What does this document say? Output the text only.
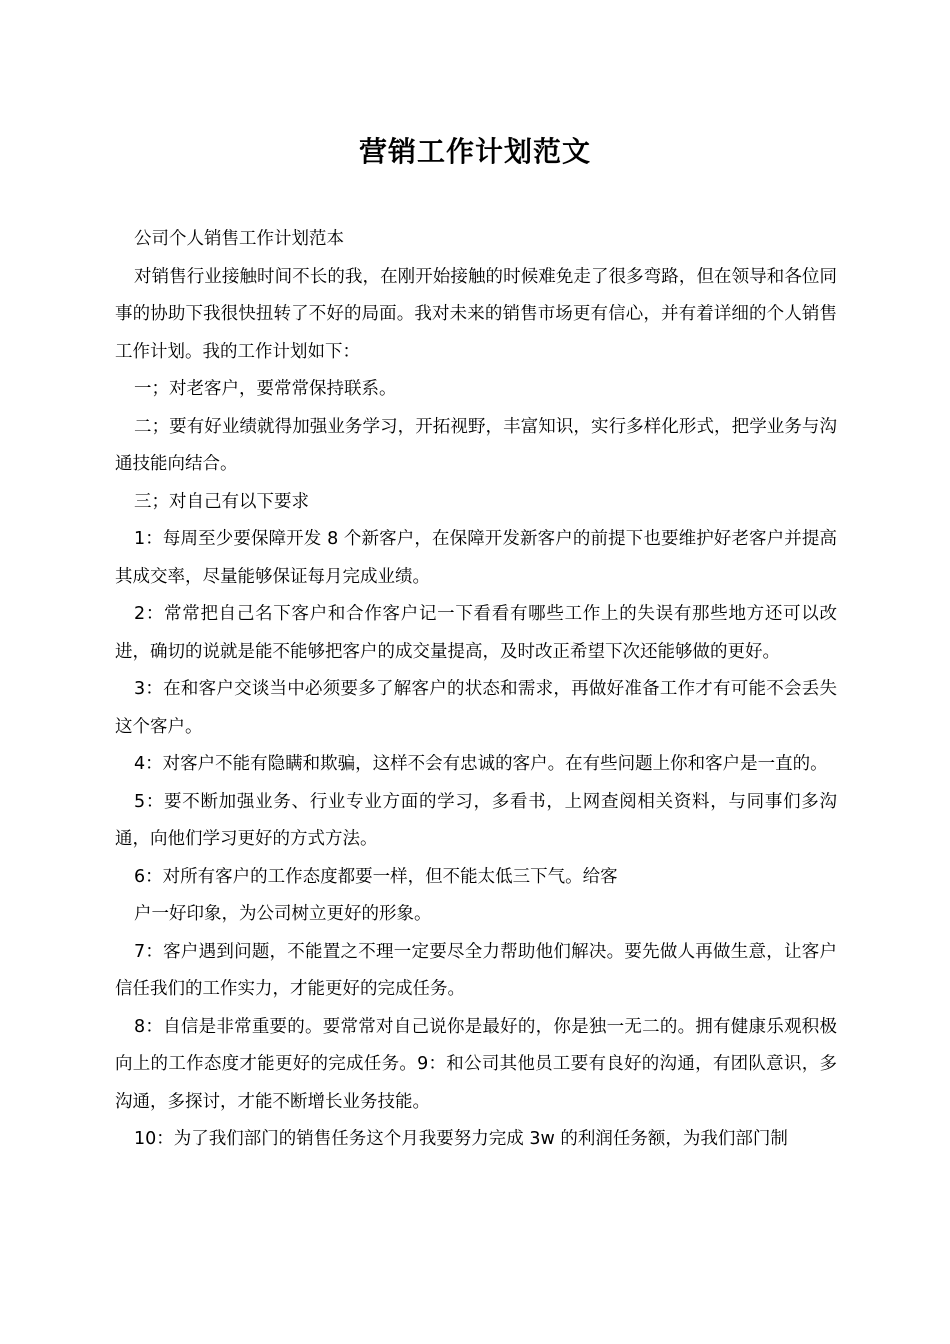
营销工作计划范文

公司个人销售工作计划范本

对销售行业接触时间不长的我，在刚开始接触的时候难免走了很多弯路，但在领导和各位同事的协助下我很快扭转了不好的局面。我对未来的销售市场更有信心，并有着详细的个人销售工作计划。我的工作计划如下：

一；对老客户，要常常保持联系。

二；要有好业绩就得加强业务学习，开拓视野，丰富知识，实行多样化形式，把学业务与沟通技能向结合。

三；对自己有以下要求

1：每周至少要保障开发 8 个新客户，在保障开发新客户的前提下也要维护好老客户并提高其成交率，尽量能够保证每月完成业绩。

2：常常把自己名下客户和合作客户记一下看看有哪些工作上的失误有那些地方还可以改进，确切的说就是能不能够把客户的成交量提高，及时改正希望下次还能够做的更好。

3：在和客户交谈当中必须要多了解客户的状态和需求，再做好准备工作才有可能不会丢失这个客户。

4：对客户不能有隐瞒和欺骗，这样不会有忠诚的客户。在有些问题上你和客户是一直的。

5：要不断加强业务、行业专业方面的学习，多看书，上网查阅相关资料，与同事们多沟通，向他们学习更好的方式方法。

6：对所有客户的工作态度都要一样，但不能太低三下气。给客

户一好印象，为公司树立更好的形象。

7：客户遇到问题，不能置之不理一定要尽全力帮助他们解决。要先做人再做生意，让客户信任我们的工作实力，才能更好的完成任务。

8：自信是非常重要的。要常常对自己说你是最好的，你是独一无二的。拥有健康乐观积极向上的工作态度才能更好的完成任务。9：和公司其他员工要有良好的沟通，有团队意识，多沟通，多探讨，才能不断增长业务技能。

10：为了我们部门的销售任务这个月我要努力完成 3w 的利润任务额，为我们部门制
